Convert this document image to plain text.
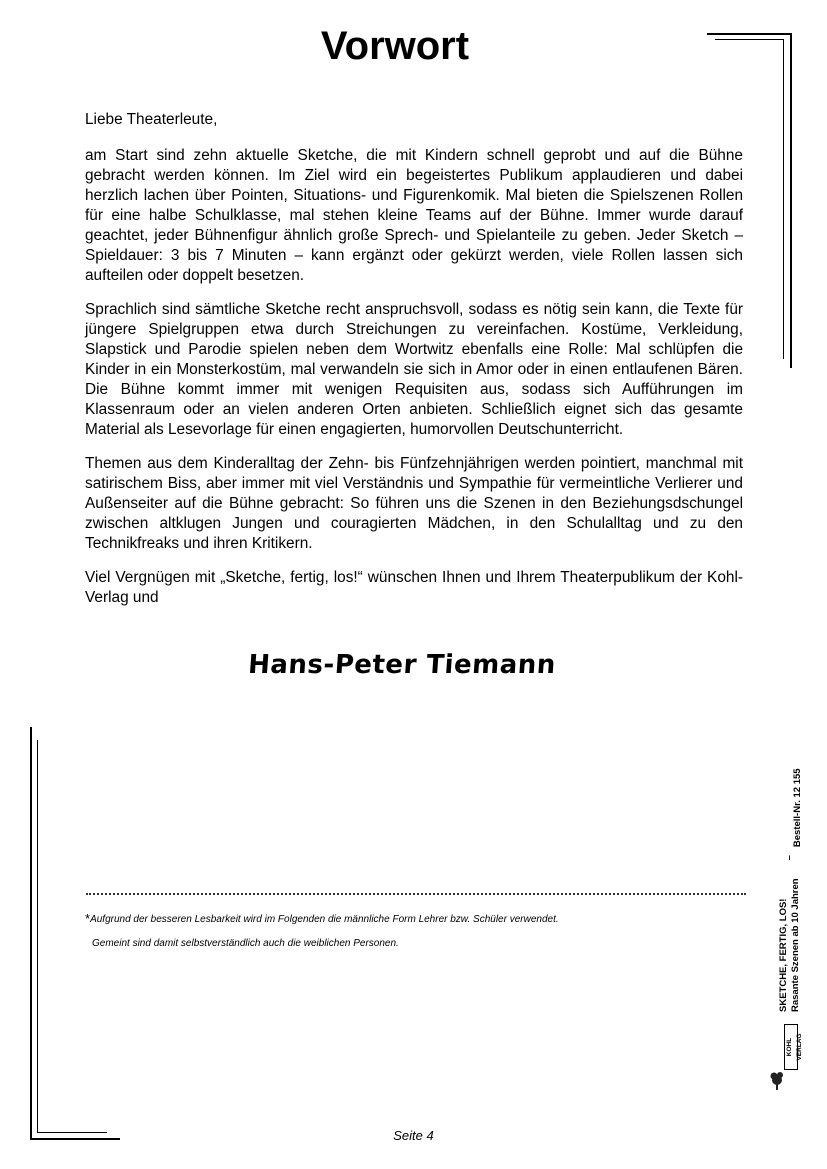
Vorwort

Liebe Theaterleute,

am Start sind zehn aktuelle Sketche, die mit Kindern schnell geprobt und auf die Bühne gebracht werden können. Im Ziel wird ein begeistertes Publikum applaudieren und dabei herzlich lachen über Pointen, Situations- und Figurenkomik. Mal bieten die Spielszenen Rollen für eine halbe Schulklasse, mal stehen kleine Teams auf der Bühne. Immer wurde darauf geachtet, jeder Bühnenfigur ähnlich große Sprech- und Spielanteile zu geben. Jeder Sketch – Spieldauer: 3 bis 7 Minuten – kann ergänzt oder gekürzt werden, viele Rollen lassen sich aufteilen oder doppelt besetzen.

Sprachlich sind sämtliche Sketche recht anspruchsvoll, sodass es nötig sein kann, die Texte für jüngere Spielgruppen etwa durch Streichungen zu vereinfachen. Kostüme, Verkleidung, Slapstick und Parodie spielen neben dem Wortwitz ebenfalls eine Rolle: Mal schlüpfen die Kinder in ein Monsterkostüm, mal verwandeln sie sich in Amor oder in einen entlaufenen Bären. Die Bühne kommt immer mit wenigen Requisiten aus, sodass sich Aufführungen im Klassenraum oder an vielen anderen Orten anbieten. Schließlich eignet sich das gesamte Material als Lesevorlage für einen engagierten, humorvollen Deutschunterricht.

Themen aus dem Kinderalltag der Zehn- bis Fünfzehnjährigen werden pointiert, manchmal mit satirischem Biss, aber immer mit viel Verständnis und Sympathie für vermeintliche Verlierer und Außenseiter auf die Bühne gebracht: So führen uns die Szenen in den Beziehungsdschungel zwischen altklugen Jungen und couragierten Mädchen, in den Schulalltag und zu den Technikfreaks und ihren Kritikern.

Viel Vergnügen mit „Sketche, fertig, los!“ wünschen Ihnen und Ihrem Theaterpublikum der Kohl-Verlag und

Hans-Peter Tiemann
*Aufgrund der besseren Lesbarkeit wird im Folgenden die männliche Form Lehrer bzw. Schüler verwendet.
Gemeint sind damit selbstverständlich auch die weiblichen Personen.
Seite 4
SKETCHE, FERTIG, LOS! Rasante Szenen ab 10 Jahren
–
Bestell-Nr. 12 155
KOHL VERLAG
